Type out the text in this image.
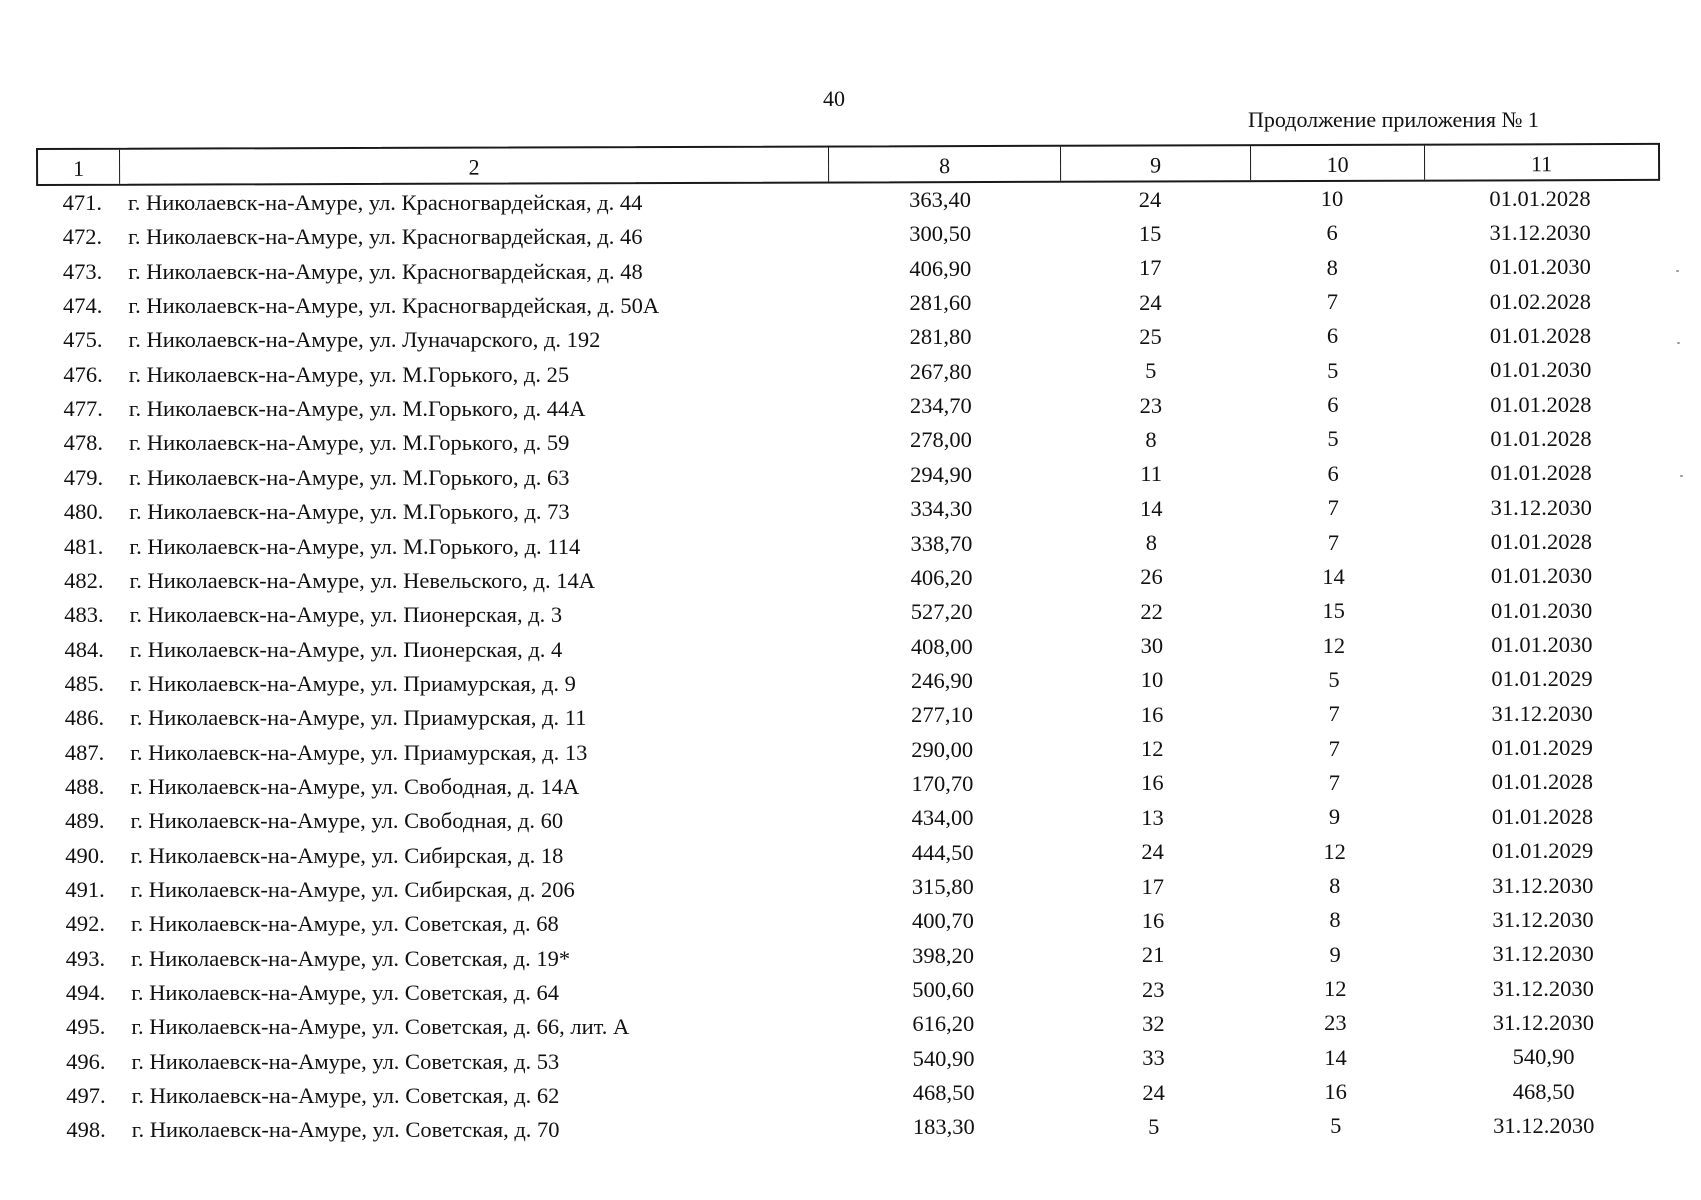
40
Продолжение приложения № 1
1	2	8	9	10	11
471. г. Николаевск-на-Амуре, ул. Красногвардейская, д. 44	363,40	24	10	01.01.2028
472. г. Николаевск-на-Амуре, ул. Красногвардейская, д. 46	300,50	15	6	31.12.2030
473. г. Николаевск-на-Амуре, ул. Красногвардейская, д. 48	406,90	17	8	01.01.2030
474. г. Николаевск-на-Амуре, ул. Красногвардейская, д. 50А	281,60	24	7	01.02.2028
475. г. Николаевск-на-Амуре, ул. Луначарского, д. 192	281,80	25	6	01.01.2028
476. г. Николаевск-на-Амуре, ул. М.Горького, д. 25	267,80	5	5	01.01.2030
477. г. Николаевск-на-Амуре, ул. М.Горького, д. 44А	234,70	23	6	01.01.2028
478. г. Николаевск-на-Амуре, ул. М.Горького, д. 59	278,00	8	5	01.01.2028
479. г. Николаевск-на-Амуре, ул. М.Горького, д. 63	294,90	11	6	01.01.2028
480. г. Николаевск-на-Амуре, ул. М.Горького, д. 73	334,30	14	7	31.12.2030
481. г. Николаевск-на-Амуре, ул. М.Горького, д. 114	338,70	8	7	01.01.2028
482. г. Николаевск-на-Амуре, ул. Невельского, д. 14А	406,20	26	14	01.01.2030
483. г. Николаевск-на-Амуре, ул. Пионерская, д. 3	527,20	22	15	01.01.2030
484. г. Николаевск-на-Амуре, ул. Пионерская, д. 4	408,00	30	12	01.01.2030
485. г. Николаевск-на-Амуре, ул. Приамурская, д. 9	246,90	10	5	01.01.2029
486. г. Николаевск-на-Амуре, ул. Приамурская, д. 11	277,10	16	7	31.12.2030
487. г. Николаевск-на-Амуре, ул. Приамурская, д. 13	290,00	12	7	01.01.2029
488. г. Николаевск-на-Амуре, ул. Свободная, д. 14А	170,70	16	7	01.01.2028
489. г. Николаевск-на-Амуре, ул. Свободная, д. 60	434,00	13	9	01.01.2028
490. г. Николаевск-на-Амуре, ул. Сибирская, д. 18	444,50	24	12	01.01.2029
491. г. Николаевск-на-Амуре, ул. Сибирская, д. 206	315,80	17	8	31.12.2030
492. г. Николаевск-на-Амуре, ул. Советская, д. 68	400,70	16	8	31.12.2030
493. г. Николаевск-на-Амуре, ул. Советская, д. 19*	398,20	21	9	31.12.2030
494. г. Николаевск-на-Амуре, ул. Советская, д. 64	500,60	23	12	31.12.2030
495. г. Николаевск-на-Амуре, ул. Советская, д. 66, лит. А	616,20	32	23	31.12.2030
496. г. Николаевск-на-Амуре, ул. Советская, д. 53	540,90	33	14	540,90
497. г. Николаевск-на-Амуре, ул. Советская, д. 62	468,50	24	16	468,50
498. г. Николаевск-на-Амуре, ул. Советская, д. 70	183,30	5	5	31.12.2030
